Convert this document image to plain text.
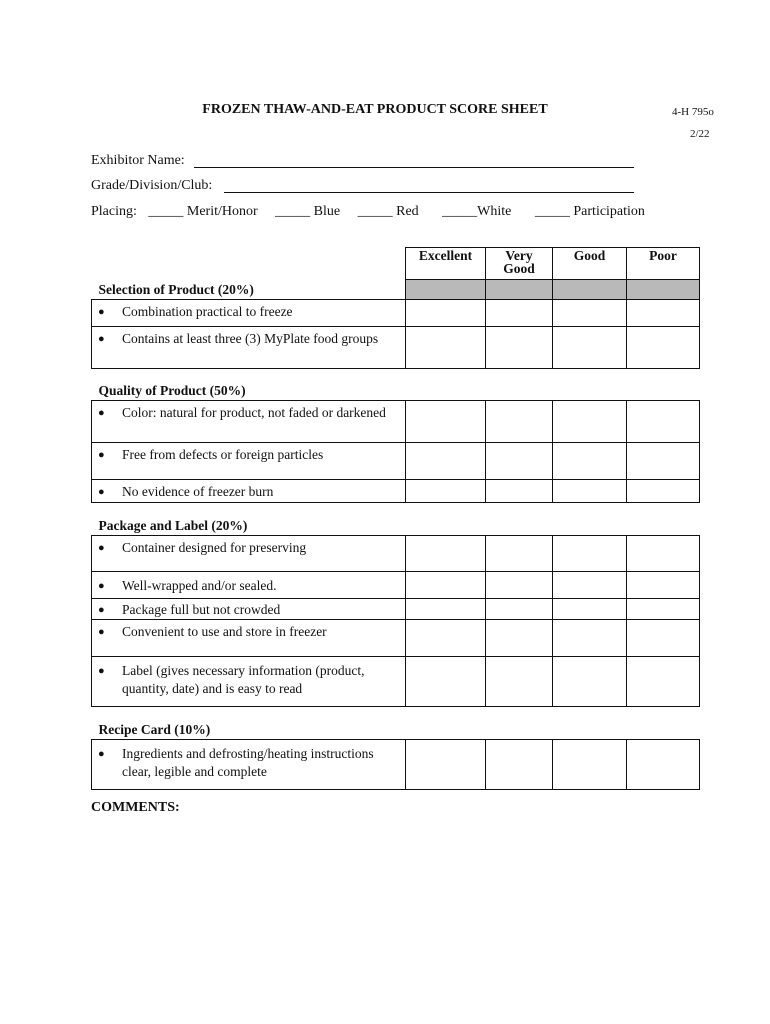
FROZEN THAW-AND-EAT PRODUCT SCORE SHEET	4-H 795o
2/22
Exhibitor Name:
Grade/Division/Club:
Placing: _____ Merit/Honor _____ Blue _____ Red _____White _____ Participation
	Excellent	Very Good	Good	Poor
Selection of Product (20%)				

● Combination practical to freeze				

● Contains at least three (3) MyPlate food groups				

Quality of Product (50%)				

● Color: natural for product, not faded or darkened				

● Free from defects or foreign particles				

● No evidence of freezer burn				

Package and Label (20%)				

● Container designed for preserving				

● Well-wrapped and/or sealed.				

● Package full but not crowded				

● Convenient to use and store in freezer				

● Label (gives necessary information (product, quantity, date) and is easy to read				

Recipe Card (10%)				

● Ingredients and defrosting/heating instructions clear, legible and complete				

COMMENTS:
